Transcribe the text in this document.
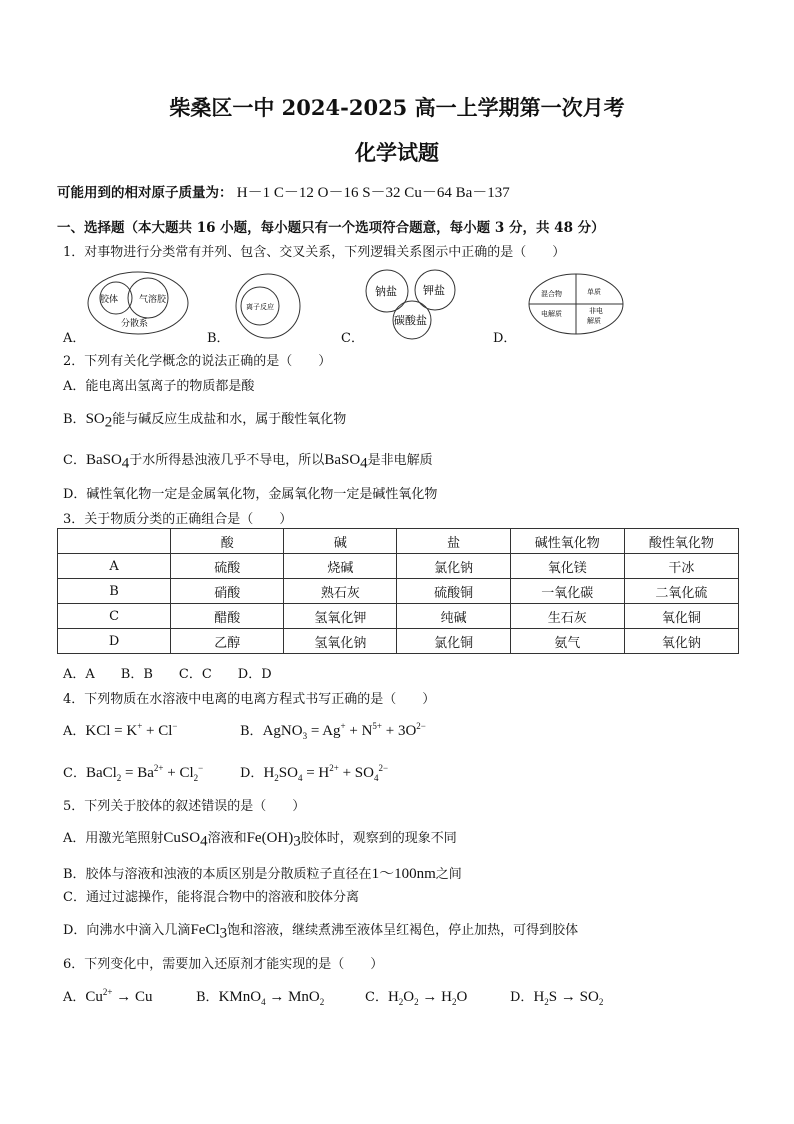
柴桑区一中 2024-2025 高一上学期第一次月考
化学试题
可能用到的相对原子质量为： H－1 C－12 O－16 S－32 Cu－64 Ba－137
一、选择题（本大题共 16 小题，每小题只有一个选项符合题意，每小题 3 分，共 48 分）
1．对事物进行分类常有并列、包含、交叉关系，下列逻辑关系图示中正确的是（　　）
A．	B．	C．	D．
胶体 气溶胶
分散系
离子反应
钠盐 钾盐
碳酸盐
混合物	单质
电解质	非电
解质
2．下列有关化学概念的说法正确的是（　　）
A．能电离出氢离子的物质都是酸
B．$SO_2$能与碱反应生成盐和水，属于酸性氧化物
C．BaSO$_4$于水所得悬浊液几乎不导电，所以BaSO$_4$是非电解质
D．碱性氧化物一定是金属氧化物，金属氧化物一定是碱性氧化物
3．关于物质分类的正确组合是（　　）
	酸	碱	盐	碱性氧化物	酸性氧化物
A	硫酸	烧碱	氯化钠	氧化镁	干冰
B	硝酸	熟石灰	硫酸铜	一氧化碳	二氧化硫
C	醋酸	氢氧化钾	纯碱	生石灰	氧化铜
D	乙醇	氢氧化钠	氯化铜	氨气	氧化钠
A．A　　B．B　　C．C　　D．D
4．下列物质在水溶液中电离的电离方程式书写正确的是（　　）
A．KCl = K+ + Cl−	B．AgNO$_3$ = $Ag^+ + N^{5+} + 3O^{2-}$
C．BaCl$_2$ = $Ba^{2+} + Cl_2^-$	D．$H_2SO_4 = H^{2+} + SO_4^{2-}$
5．下列关于胶体的叙述错误的是（　　）
A．用激光笔照射CuSO$_4$溶液和$Fe(OH)_3$胶体时，观察到的现象不同
B．胶体与溶液和浊液的本质区别是分散质粒子直径在1～100nm之间
C．通过过滤操作，能将混合物中的溶液和胶体分离
D．向沸水中滴入几滴FeCl$_3$饱和溶液，继续煮沸至液体呈红褐色，停止加热，可得到胶体
6．下列变化中，需要加入还原剂才能实现的是（　　）
A．$Cu^{2+} \to Cu$	B．KMnO$_4$ → MnO$_2$	C．$H_2O_2 \to H_2O$	D．$H_2S \to SO_2$
